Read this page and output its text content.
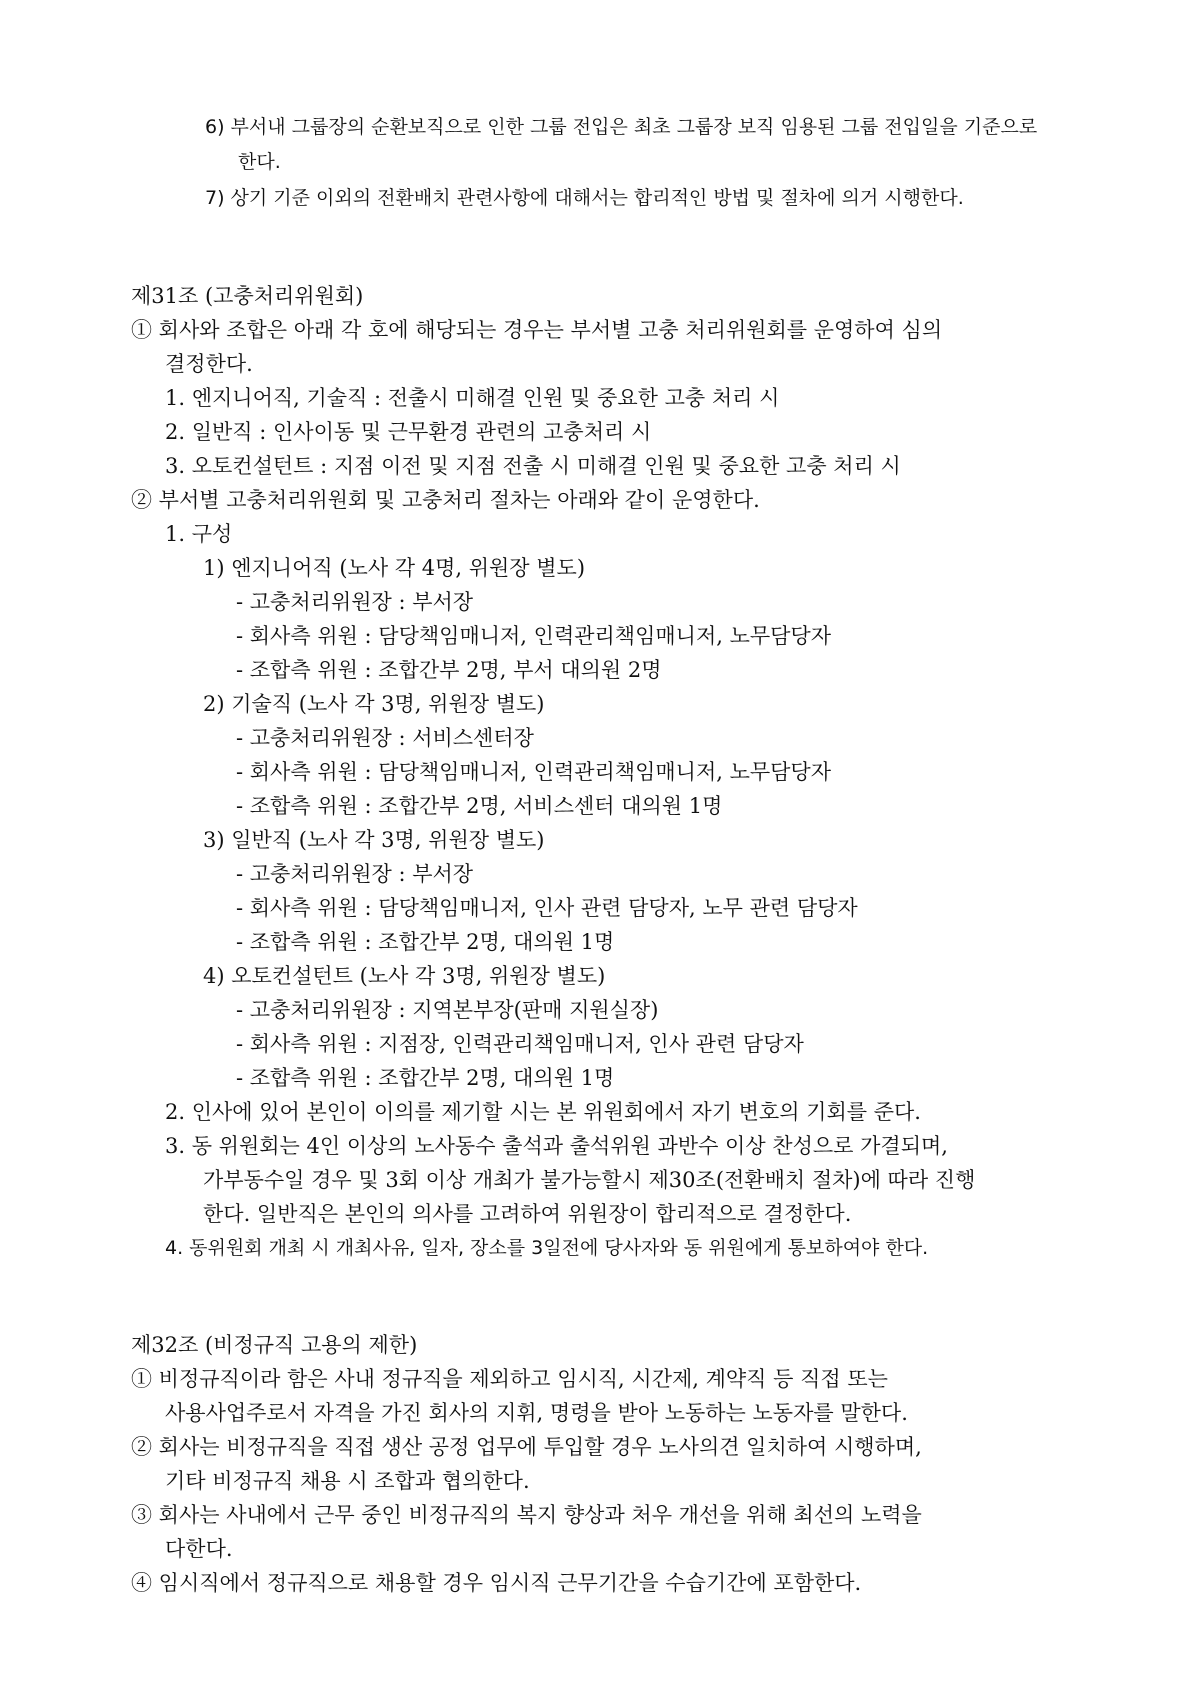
6) 부서내 그룹장의 순환보직으로 인한 그룹 전입은 최초 그룹장 보직 임용된 그룹 전입일을 기준으로
한다.
7) 상기 기준 이외의 전환배치 관련사항에 대해서는 합리적인 방법 및 절차에 의거 시행한다.
제31조 (고충처리위원회)
① 회사와 조합은 아래 각 호에 해당되는 경우는 부서별 고충 처리위원회를 운영하여 심의
결정한다.
1. 엔지니어직, 기술직 : 전출시 미해결 인원 및 중요한 고충 처리 시
2. 일반직 : 인사이동 및 근무환경 관련의 고충처리 시
3. 오토컨설턴트 : 지점 이전 및 지점 전출 시 미해결 인원 및 중요한 고충 처리 시
② 부서별 고충처리위원회 및 고충처리 절차는 아래와 같이 운영한다.
1. 구성
1) 엔지니어직 (노사 각 4명, 위원장 별도)
- 고충처리위원장 : 부서장
- 회사측 위원 : 담당책임매니저, 인력관리책임매니저, 노무담당자
- 조합측 위원 : 조합간부 2명, 부서 대의원 2명
2) 기술직 (노사 각 3명, 위원장 별도)
- 고충처리위원장 : 서비스센터장
- 회사측 위원 : 담당책임매니저, 인력관리책임매니저, 노무담당자
- 조합측 위원 : 조합간부 2명, 서비스센터 대의원 1명
3) 일반직 (노사 각 3명, 위원장 별도)
- 고충처리위원장 : 부서장
- 회사측 위원 : 담당책임매니저, 인사 관련 담당자, 노무 관련 담당자
- 조합측 위원 : 조합간부 2명, 대의원 1명
4) 오토컨설턴트 (노사 각 3명, 위원장 별도)
- 고충처리위원장 : 지역본부장(판매 지원실장)
- 회사측 위원 : 지점장, 인력관리책임매니저, 인사 관련 담당자
- 조합측 위원 : 조합간부 2명, 대의원 1명
2. 인사에 있어 본인이 이의를 제기할 시는 본 위원회에서 자기 변호의 기회를 준다.
3. 동 위원회는 4인 이상의 노사동수 출석과 출석위원 과반수 이상 찬성으로 가결되며,
가부동수일 경우 및 3회 이상 개최가 불가능할시 제30조(전환배치 절차)에 따라 진행
한다. 일반직은 본인의 의사를 고려하여 위원장이 합리적으로 결정한다.
4. 동위원회 개최 시 개최사유, 일자, 장소를 3일전에 당사자와 동 위원에게 통보하여야 한다.
제32조 (비정규직 고용의 제한)
① 비정규직이라 함은 사내 정규직을 제외하고 임시직, 시간제, 계약직 등 직접 또는
사용사업주로서 자격을 가진 회사의 지휘, 명령을 받아 노동하는 노동자를 말한다.
② 회사는 비정규직을 직접 생산 공정 업무에 투입할 경우 노사의견 일치하여 시행하며,
기타 비정규직 채용 시 조합과 협의한다.
③ 회사는 사내에서 근무 중인 비정규직의 복지 향상과 처우 개선을 위해 최선의 노력을
다한다.
④ 임시직에서 정규직으로 채용할 경우 임시직 근무기간을 수습기간에 포함한다.
